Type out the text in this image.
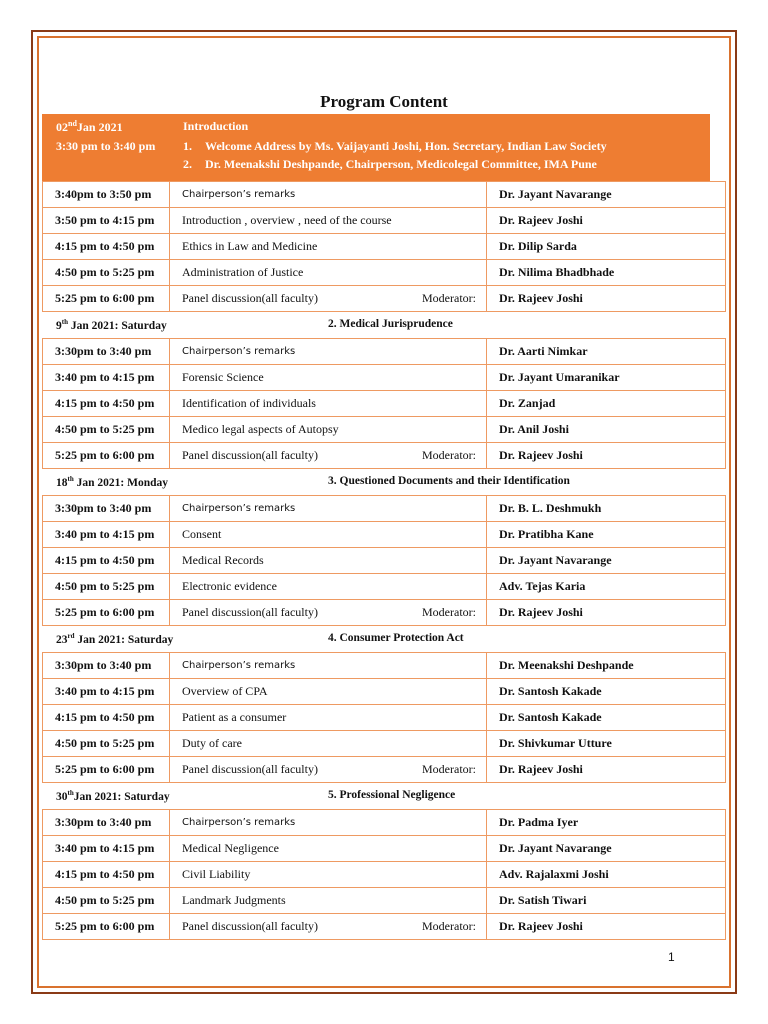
Program Content
02ndJan 2021	Introduction
3:30 pm to 3:40 pm 1. Welcome Address by Ms. Vaijayanti Joshi, Hon. Secretary, Indian Law Society
2. Dr. Meenakshi Deshpande, Chairperson, Medicolegal Committee, IMA Pune
3:40pm to 3:50 pm	Chairperson’s remarks	Dr. Jayant Navarange
3:50 pm to 4:15 pm	Introduction , overview , need of the course	Dr. Rajeev Joshi
4:15 pm to 4:50 pm	Ethics in Law and Medicine	Dr. Dilip Sarda
4:50 pm to 5:25 pm	Administration of Justice	Dr. Nilima Bhadbhade
5:25 pm to 6:00 pm	Panel discussion(all faculty) Moderator:	Dr. Rajeev Joshi
9th Jan 2021: Saturday	2. Medical Jurisprudence
3:30pm to 3:40 pm	Chairperson’s remarks	Dr. Aarti Nimkar
3:40 pm to 4:15 pm	Forensic Science	Dr. Jayant Umaranikar
4:15 pm to 4:50 pm	Identification of individuals	Dr. Zanjad
4:50 pm to 5:25 pm	Medico legal aspects of Autopsy	Dr. Anil Joshi
5:25 pm to 6:00 pm	Panel discussion(all faculty) Moderator:	Dr. Rajeev Joshi
18th Jan 2021: Monday	3. Questioned Documents and their Identification
3:30pm to 3:40 pm	Chairperson’s remarks	Dr. B. L. Deshmukh
3:40 pm to 4:15 pm	Consent	Dr. Pratibha Kane
4:15 pm to 4:50 pm	Medical Records	Dr. Jayant Navarange
4:50 pm to 5:25 pm	Electronic evidence	Adv. Tejas Karia
5:25 pm to 6:00 pm	Panel discussion(all faculty) Moderator:	Dr. Rajeev Joshi
23rd Jan 2021: Saturday	4. Consumer Protection Act
3:30pm to 3:40 pm	Chairperson’s remarks	Dr. Meenakshi Deshpande
3:40 pm to 4:15 pm	Overview of CPA	Dr. Santosh Kakade
4:15 pm to 4:50 pm	Patient as a consumer	Dr. Santosh Kakade
4:50 pm to 5:25 pm	Duty of care	Dr. Shivkumar Utture
5:25 pm to 6:00 pm	Panel discussion(all faculty) Moderator:	Dr. Rajeev Joshi
30thJan 2021: Saturday	5. Professional Negligence
3:30pm to 3:40 pm	Chairperson’s remarks	Dr. Padma Iyer
3:40 pm to 4:15 pm	Medical Negligence	Dr. Jayant Navarange
4:15 pm to 4:50 pm	Civil Liability	Adv. Rajalaxmi Joshi
4:50 pm to 5:25 pm	Landmark Judgments	Dr. Satish Tiwari
5:25 pm to 6:00 pm	Panel discussion(all faculty) Moderator:	Dr. Rajeev Joshi
1
